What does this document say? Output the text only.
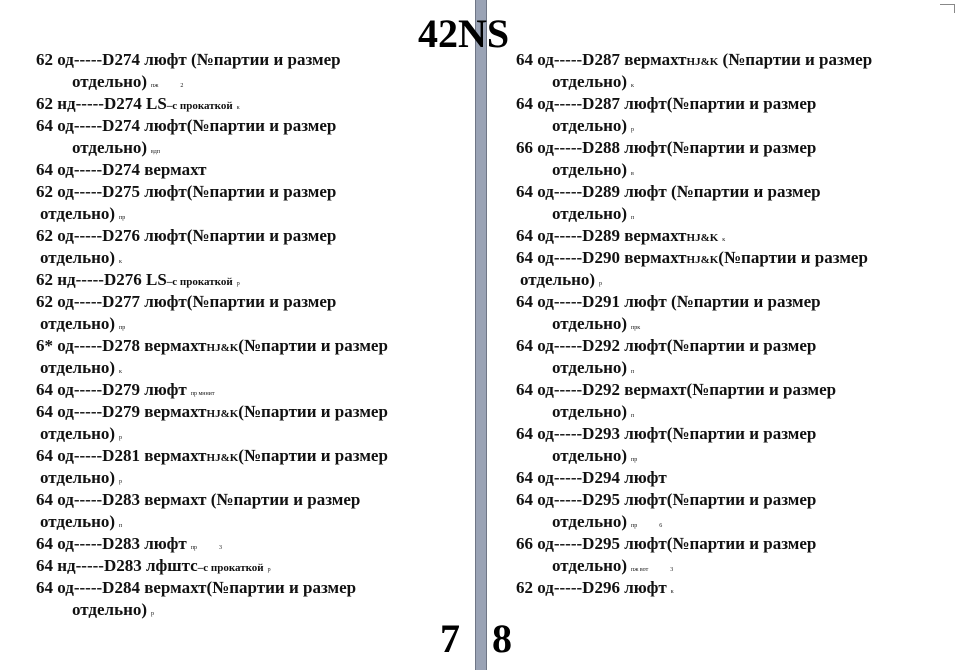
42NS
62 од-----D274 люфт (№партии и размер
отдельно) пж	2
62 нд-----D274 LS–с прокаткой к
64 од-----D274 люфт(№партии и размер
отдельно) вдп
64 од-----D274 вермахт
62 од-----D275 люфт(№партии и размер
отдельно) пр
62 од-----D276 люфт(№партии и размер
отдельно) к
62 нд-----D276 LS–с прокаткой р
62 од-----D277 люфт(№партии и размер
отдельно) пр
6* од-----D278 вермахтHJ&K(№партии и размер
отдельно) к
64 од-----D279 люфт пр мннит
64 од-----D279 вермахтHJ&K(№партии и размер
отдельно) р
64 од-----D281 вермахтHJ&K(№партии и размер
отдельно) р
64 од-----D283 вермахт (№партии и размер
отдельно) п
64 од-----D283 люфт пр	3
64 нд-----D283 лфштс–с прокаткой р
64 од-----D284 вермахт(№партии и размер
отдельно) р
64 од-----D287 вермахтHJ&K (№партии и размер
отдельно) к
64 од-----D287 люфт(№партии и размер
отдельно) р
66 од-----D288 люфт(№партии и размер
отдельно) в
64 од-----D289 люфт (№партии и размер
отдельно) п
64 од-----D289 вермахтHJ&K к
64 од-----D290 вермахтHJ&K(№партии и размер
отдельно) р
64 од-----D291 люфт (№партии и размер
отдельно) прк
64 од-----D292 люфт(№партии и размер
отдельно) п
64 од-----D292 вермахт(№партии и размер
отдельно) п
64 од-----D293 люфт(№партии и размер
отдельно) пр
64 од-----D294 люфт
64 од-----D295 люфт(№партии и размер
отдельно) пр	6
66 од-----D295 люфт(№партии и размер
отдельно) пж вот	3
62 од-----D296 люфт к
7 8
